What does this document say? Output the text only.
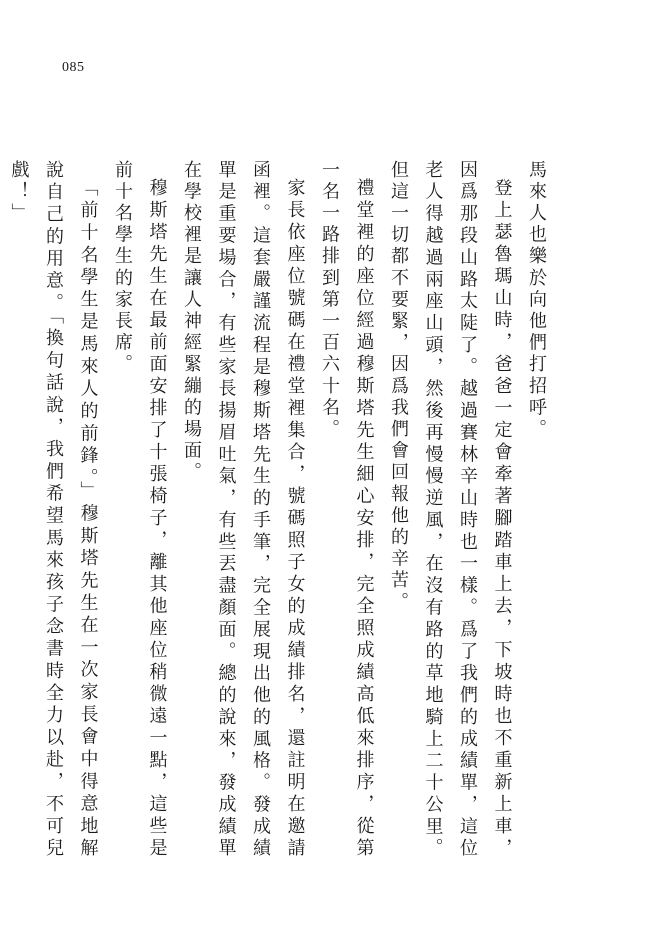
085

馬來人也樂於向他們打招呼。

登上瑟魯瑪山時，爸爸一定會牽著腳踏車上去，下坡時也不重新上車，因爲那段山路太陡了。越過賽林辛山時也一樣。爲了我們的成績單，這位老人得越過兩座山頭，然後再慢慢逆風，在沒有路的草地騎上二十公里。但這一切都不要緊，因爲我們會回報他的辛苦。

禮堂裡的座位經過穆斯塔先生細心安排，完全照成績高低來排序，從第一名一路排到第一百六十名。

家長依座位號碼在禮堂裡集合，號碼照子女的成績排名，還註明在邀請函裡。這套嚴謹流程是穆斯塔先生的手筆，完全展現出他的風格。發成績單是重要場合，有些家長揚眉吐氣，有些丟盡顏面。總的說來，發成績單在學校裡是讓人神經緊繃的場面。

穆斯塔先生在最前面安排了十張椅子，離其他座位稍微遠一點，這些是前十名學生的家長席。

「前十名學生是馬來人的前鋒。」穆斯塔先生在一次家長會中得意地解說自己的用意。「換句話說，我們希望馬來孩子念書時全力以赴，不可兒戲！」
